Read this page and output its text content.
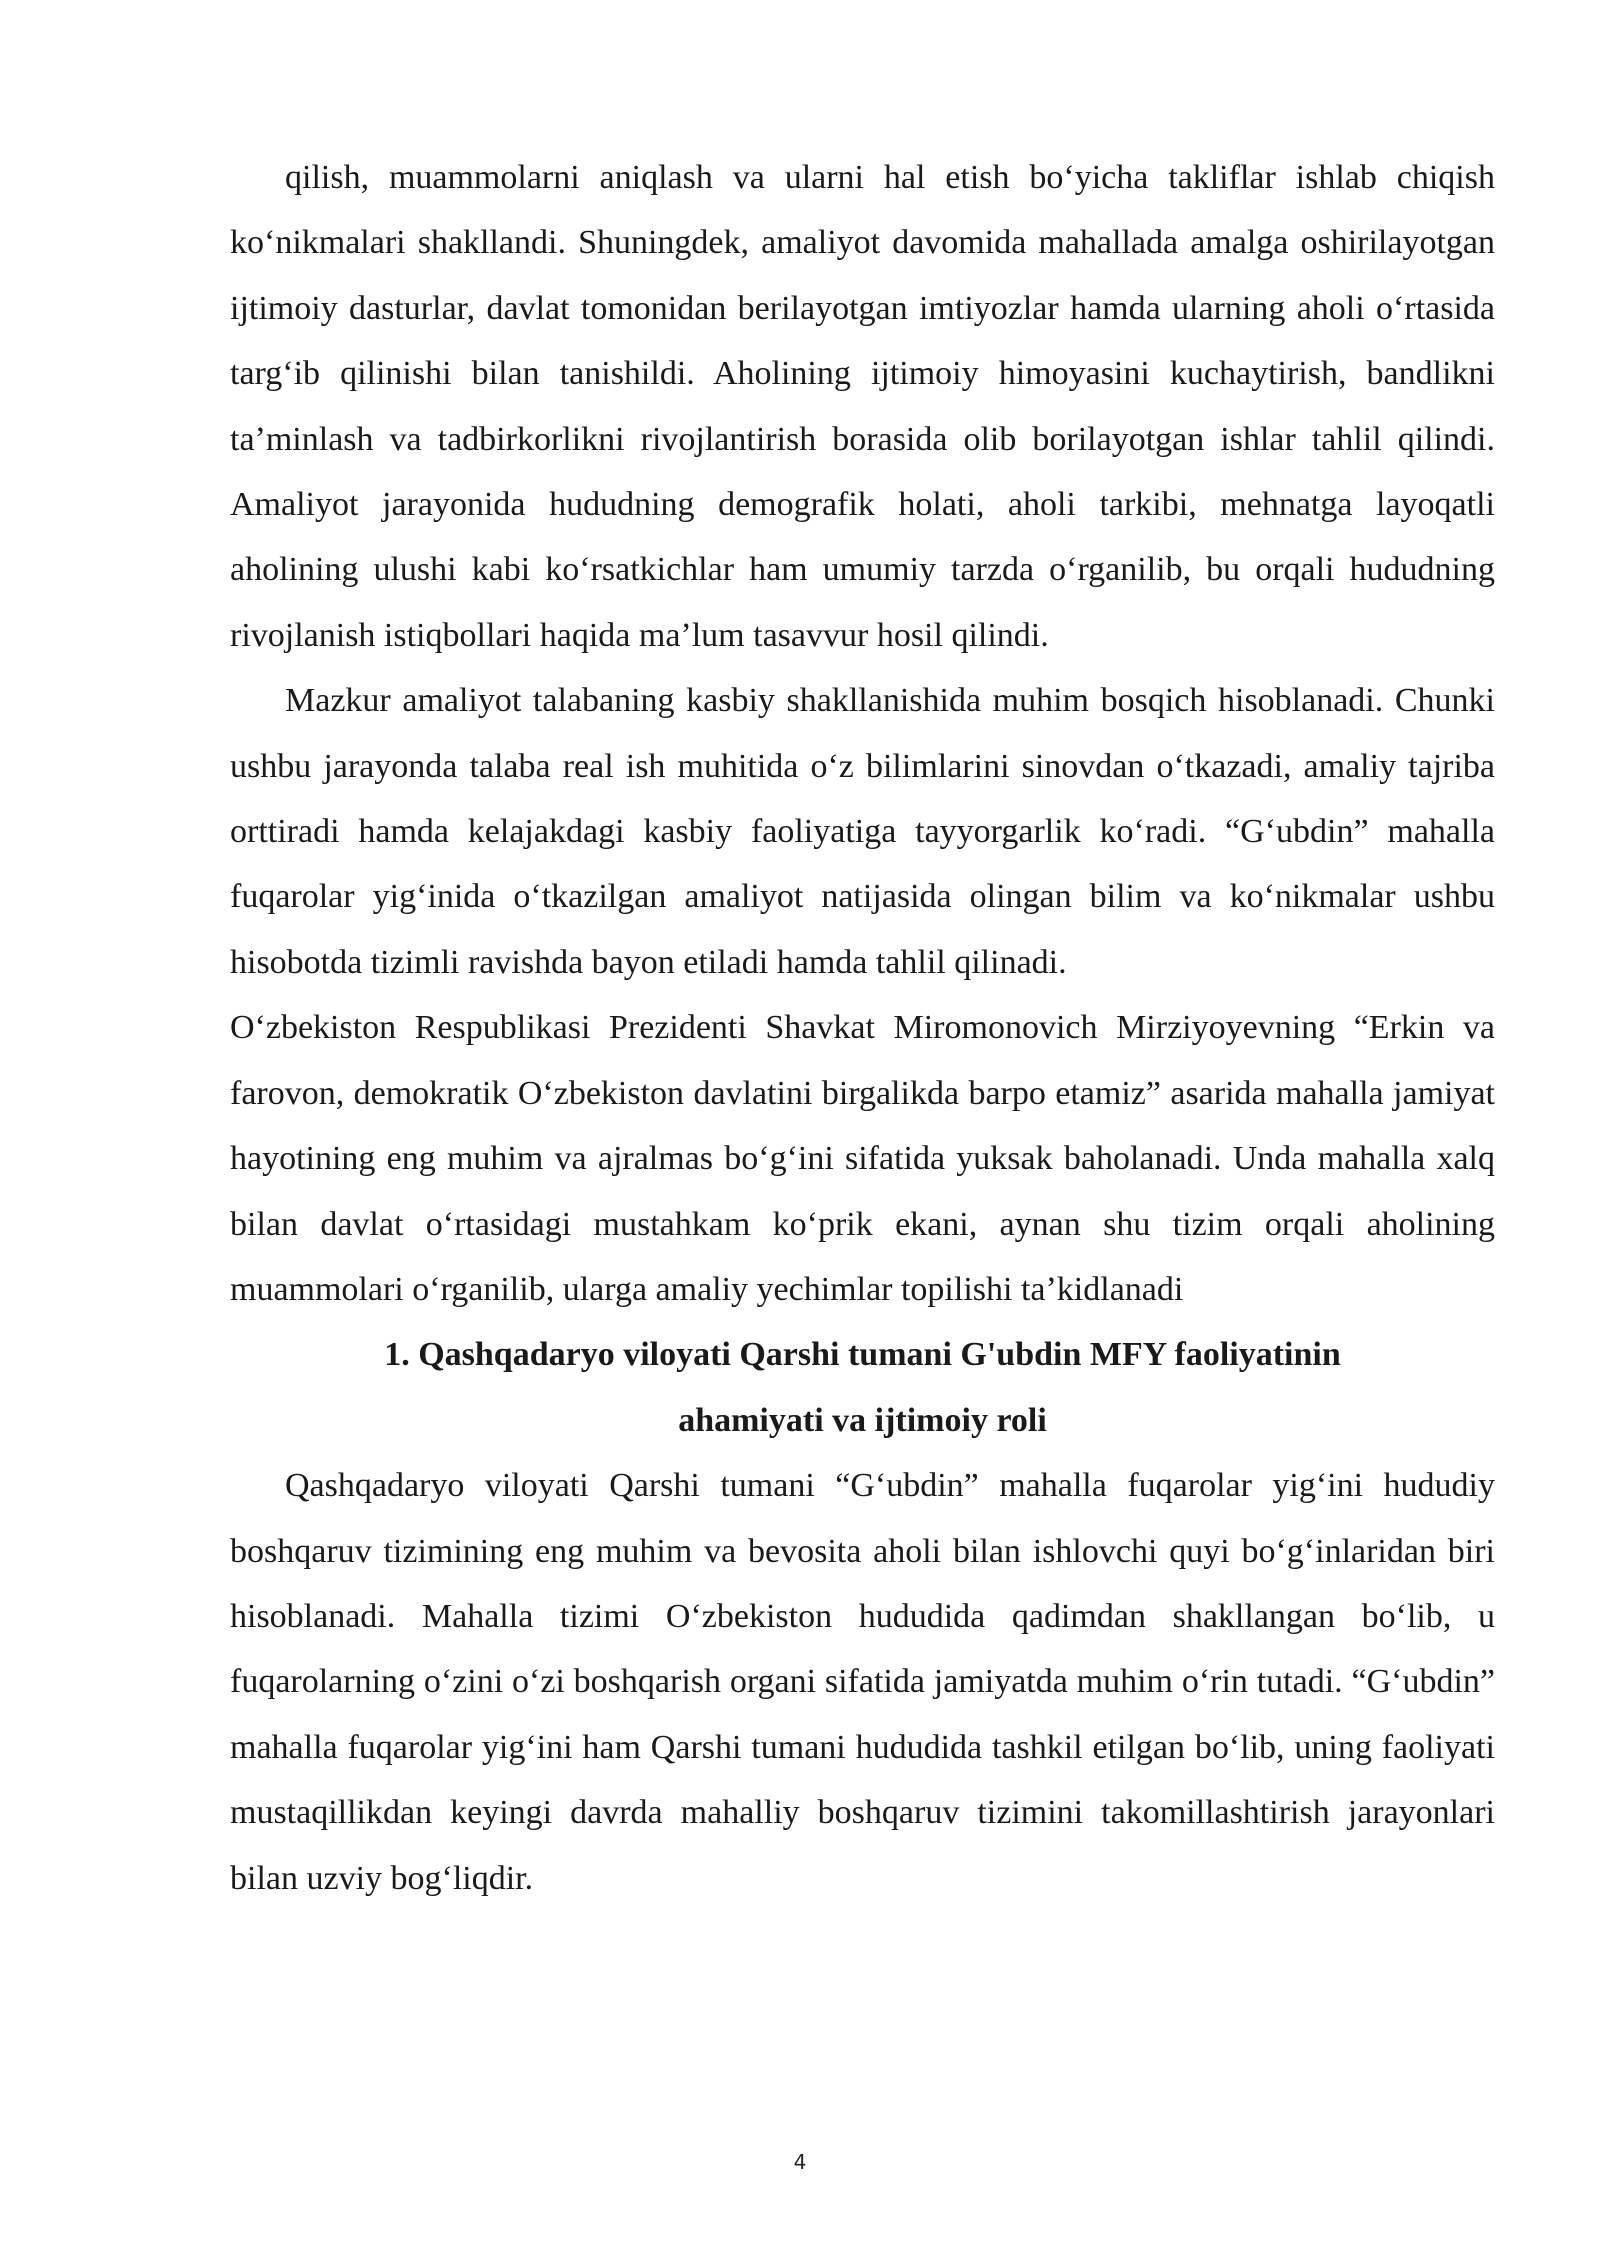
qilish, muammolarni aniqlash va ularni hal etish boʻyicha takliflar ishlab chiqish koʻnikmalari shakllandi. Shuningdek, amaliyot davomida mahallada amalga oshirilayotgan ijtimoiy dasturlar, davlat tomonidan berilayotgan imtiyozlar hamda ularning aholi oʻrtasida targʻib qilinishi bilan tanishildi. Aholining ijtimoiy himoyasini kuchaytirish, bandlikni taʼminlash va tadbirkorlikni rivojlantirish borasida olib borilayotgan ishlar tahlil qilindi. Amaliyot jarayonida hududning demografik holati, aholi tarkibi, mehnatga layoqatli aholining ulushi kabi koʻrsatkichlar ham umumiy tarzda oʻrganilib, bu orqali hududning rivojlanish istiqbollari haqida maʼlum tasavvur hosil qilindi.

Mazkur amaliyot talabaning kasbiy shakllanishida muhim bosqich hisoblanadi. Chunki ushbu jarayonda talaba real ish muhitida oʻz bilimlarini sinovdan oʻtkazadi, amaliy tajriba orttiradi hamda kelajakdagi kasbiy faoliyatiga tayyorgarlik koʻradi. “Gʻubdin” mahalla fuqarolar yigʻinida oʻtkazilgan amaliyot natijasida olingan bilim va koʻnikmalar ushbu hisobotda tizimli ravishda bayon etiladi hamda tahlil qilinadi.

Oʻzbekiston Respublikasi Prezidenti Shavkat Miromonovich Mirziyoyevning “Erkin va farovon, demokratik Oʻzbekiston davlatini birgalikda barpo etamiz” asarida mahalla jamiyat hayotining eng muhim va ajralmas boʻgʻini sifatida yuksak baholanadi. Unda mahalla xalq bilan davlat oʻrtasidagi mustahkam koʻprik ekani, aynan shu tizim orqali aholining muammolari oʻrganilib, ularga amaliy yechimlar topilishi taʼkidlanadi

1. Qashqadaryo viloyati Qarshi tumani G'ubdin MFY faoliyatinin
ahamiyati va ijtimoiy roli

Qashqadaryo viloyati Qarshi tumani “Gʻubdin” mahalla fuqarolar yigʻini hududiy boshqaruv tizimining eng muhim va bevosita aholi bilan ishlovchi quyi boʻgʻinlaridan biri hisoblanadi. Mahalla tizimi Oʻzbekiston hududida qadimdan shakllangan boʻlib, u fuqarolarning oʻzini oʻzi boshqarish organi sifatida jamiyatda muhim oʻrin tutadi. “Gʻubdin” mahalla fuqarolar yigʻini ham Qarshi tumani hududida tashkil etilgan boʻlib, uning faoliyati mustaqillikdan keyingi davrda mahalliy boshqaruv tizimini takomillashtirish jarayonlari bilan uzviy bogʻliqdir.

4
